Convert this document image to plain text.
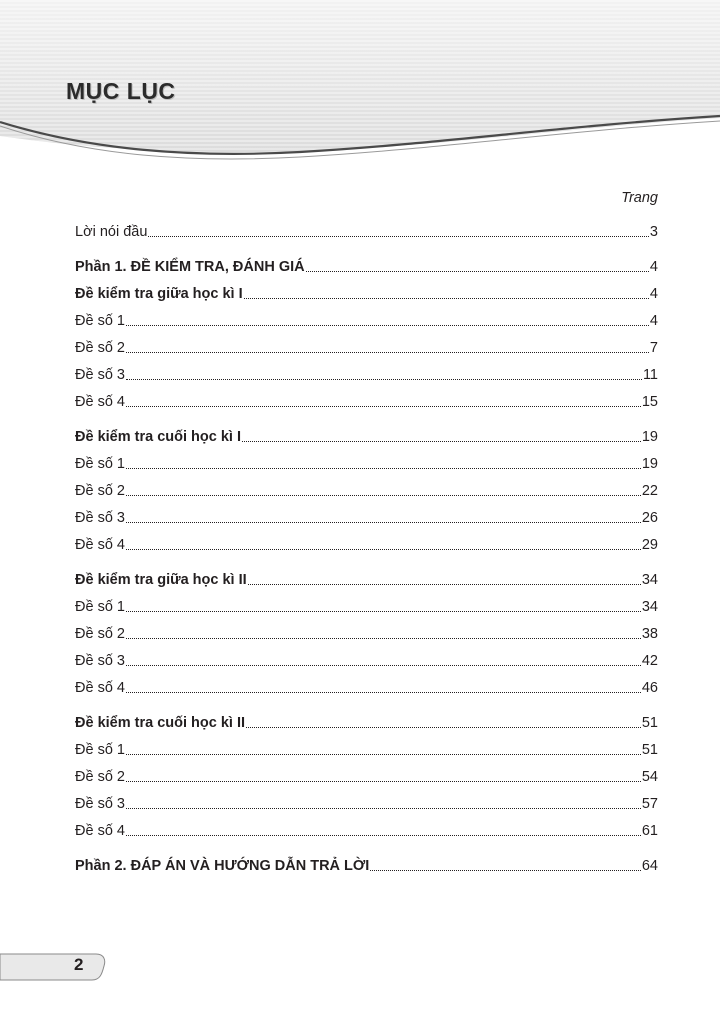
MỤC LỤC
Trang
Lời nói đầu	3
Phần 1. ĐỀ KIỂM TRA, ĐÁNH GIÁ	4
Đề kiểm tra giữa học kì I	4
Đề số 1	4
Đề số 2	7
Đề số 3	11
Đề số 4	15
Đề kiểm tra cuối học kì I	19
Đề số 1	19
Đề số 2	22
Đề số 3	26
Đề số 4	29
Đề kiểm tra giữa học kì II	34
Đề số 1	34
Đề số 2	38
Đề số 3	42
Đề số 4	46
Đề kiểm tra cuối học kì II	51
Đề số 1	51
Đề số 2	54
Đề số 3	57
Đề số 4	61
Phần 2. ĐÁP ÁN VÀ HƯỚNG DẪN TRẢ LỜI	64
2
